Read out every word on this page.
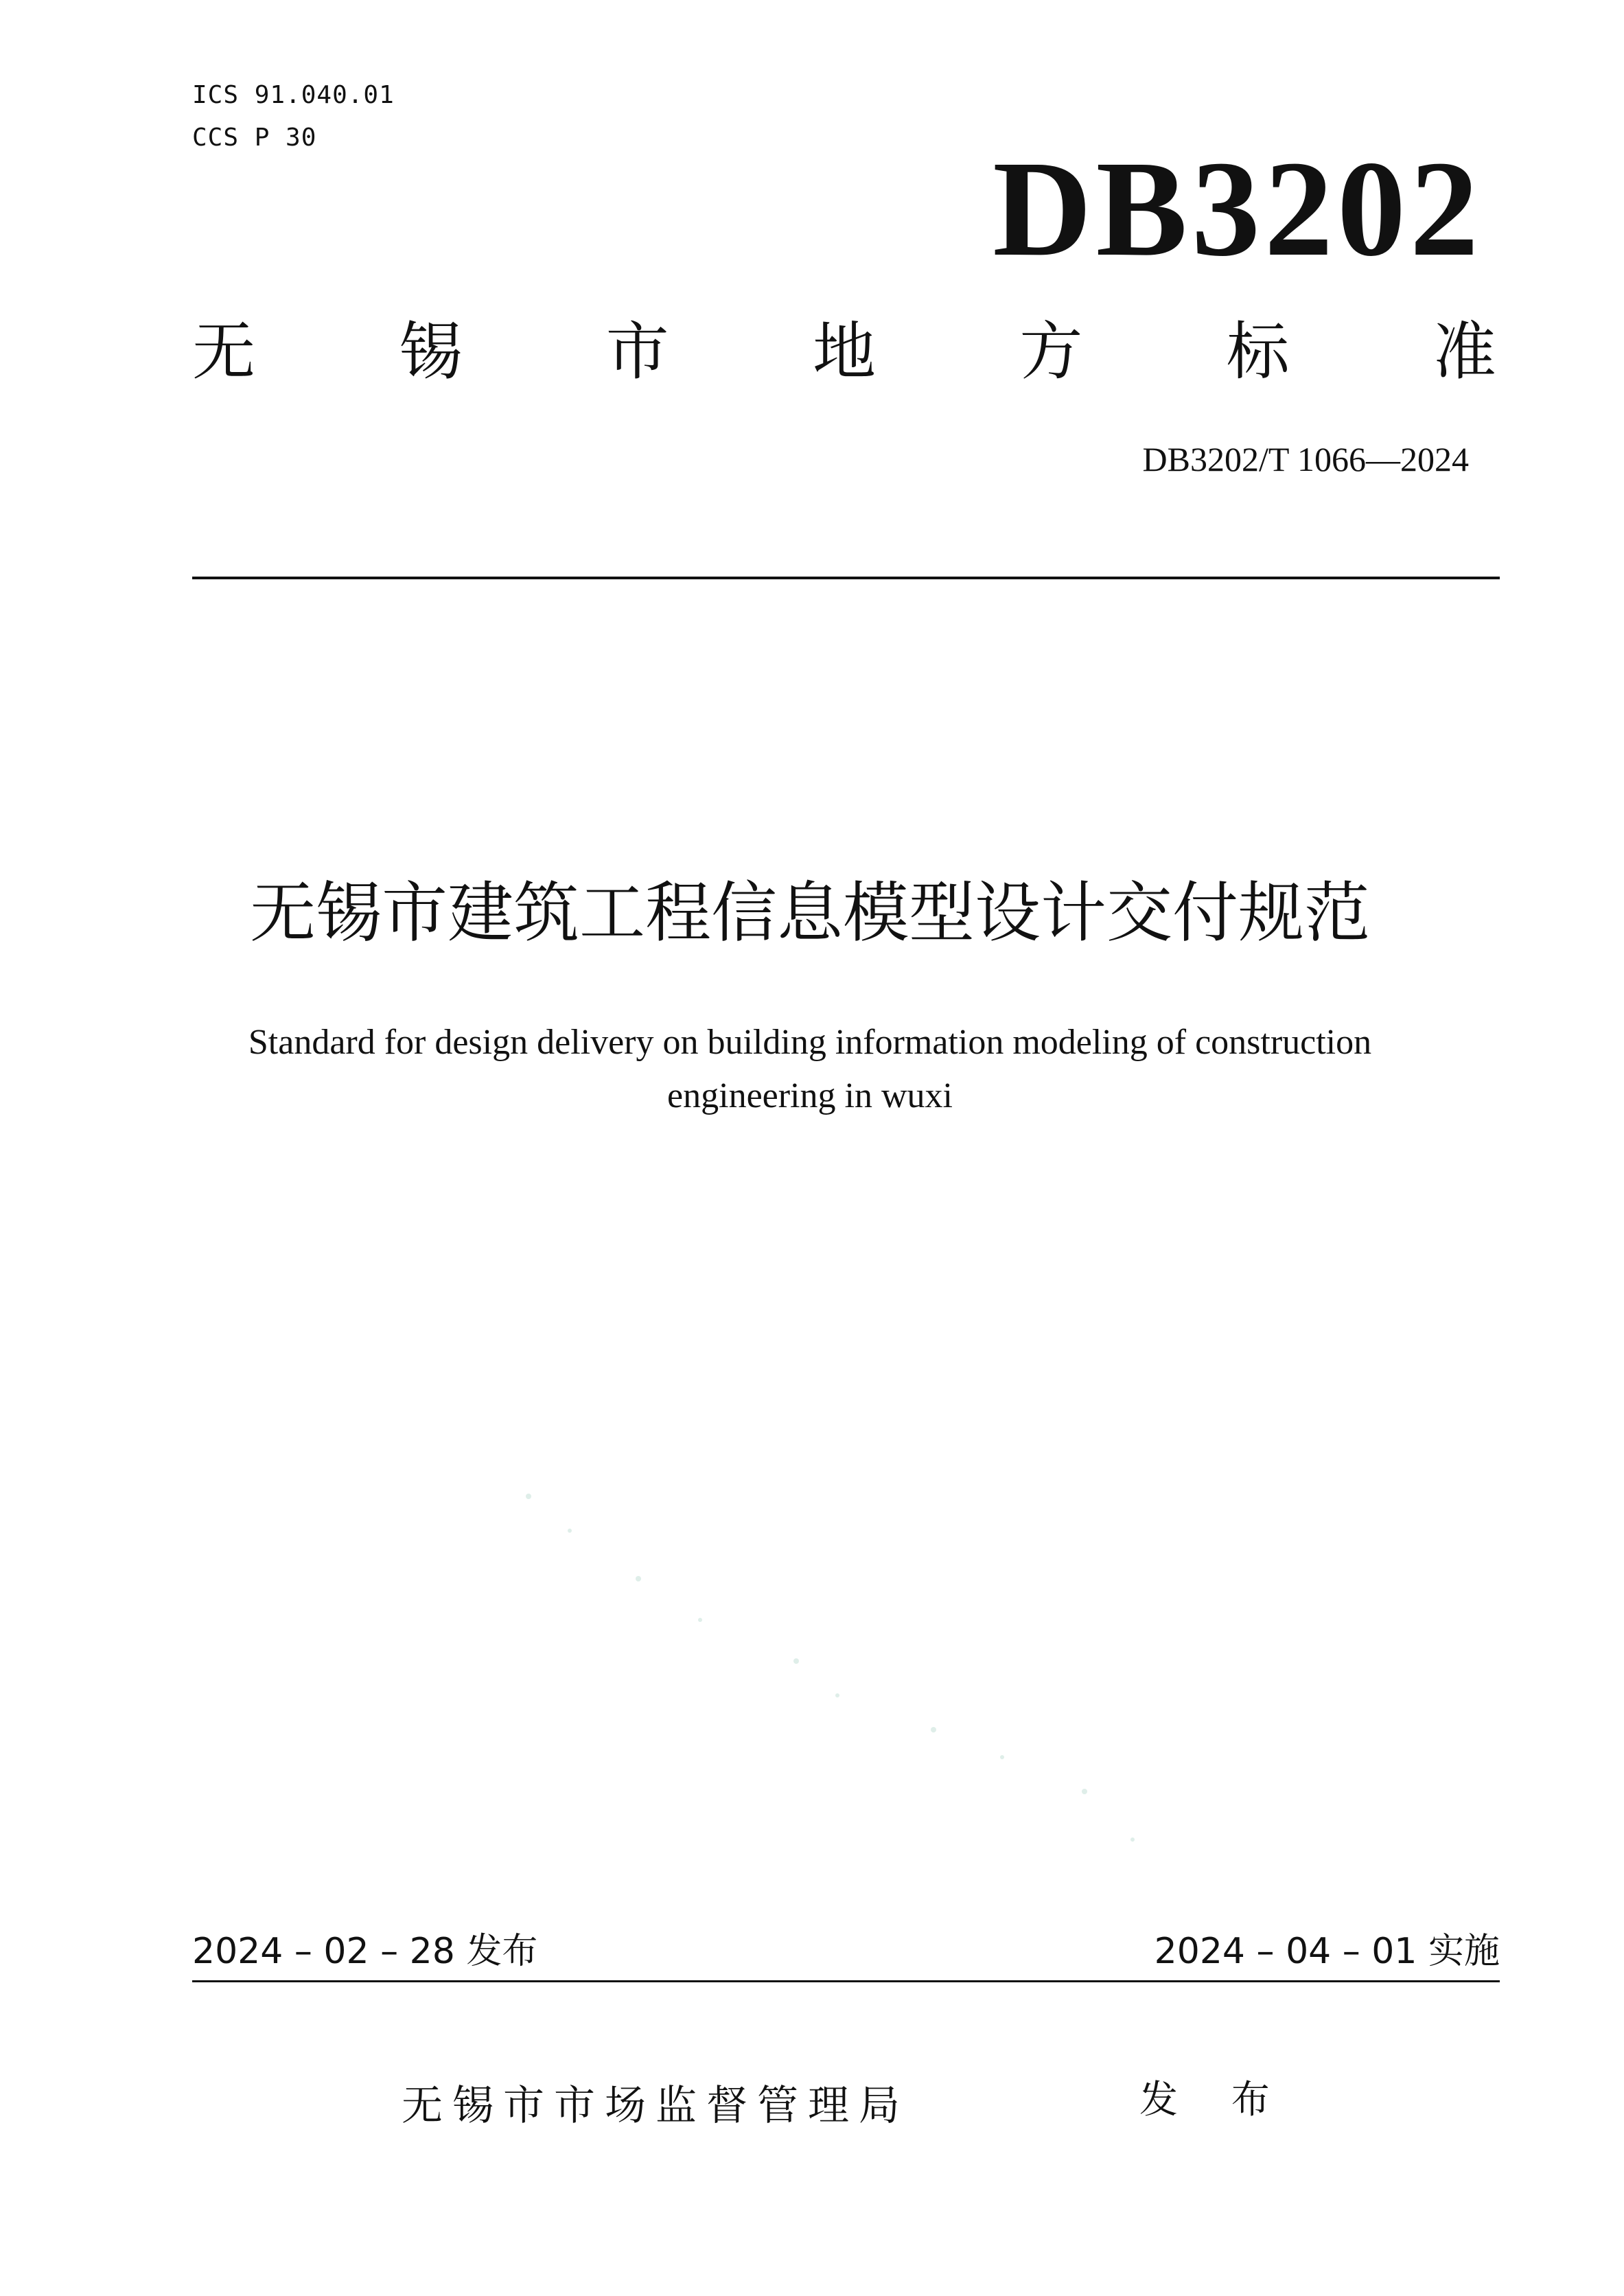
ICS 91.040.01
CCS P 30	DB3202
无 锡 市 地 方 标 准
DB3202/T 1066—2024
无锡市建筑工程信息模型设计交付规范
Standard for design delivery on building information modeling of construction
engineering in wuxi
2024 – 02 – 28 发布	2024 – 04 – 01 实施
无锡市市场监督管理局	发 布
